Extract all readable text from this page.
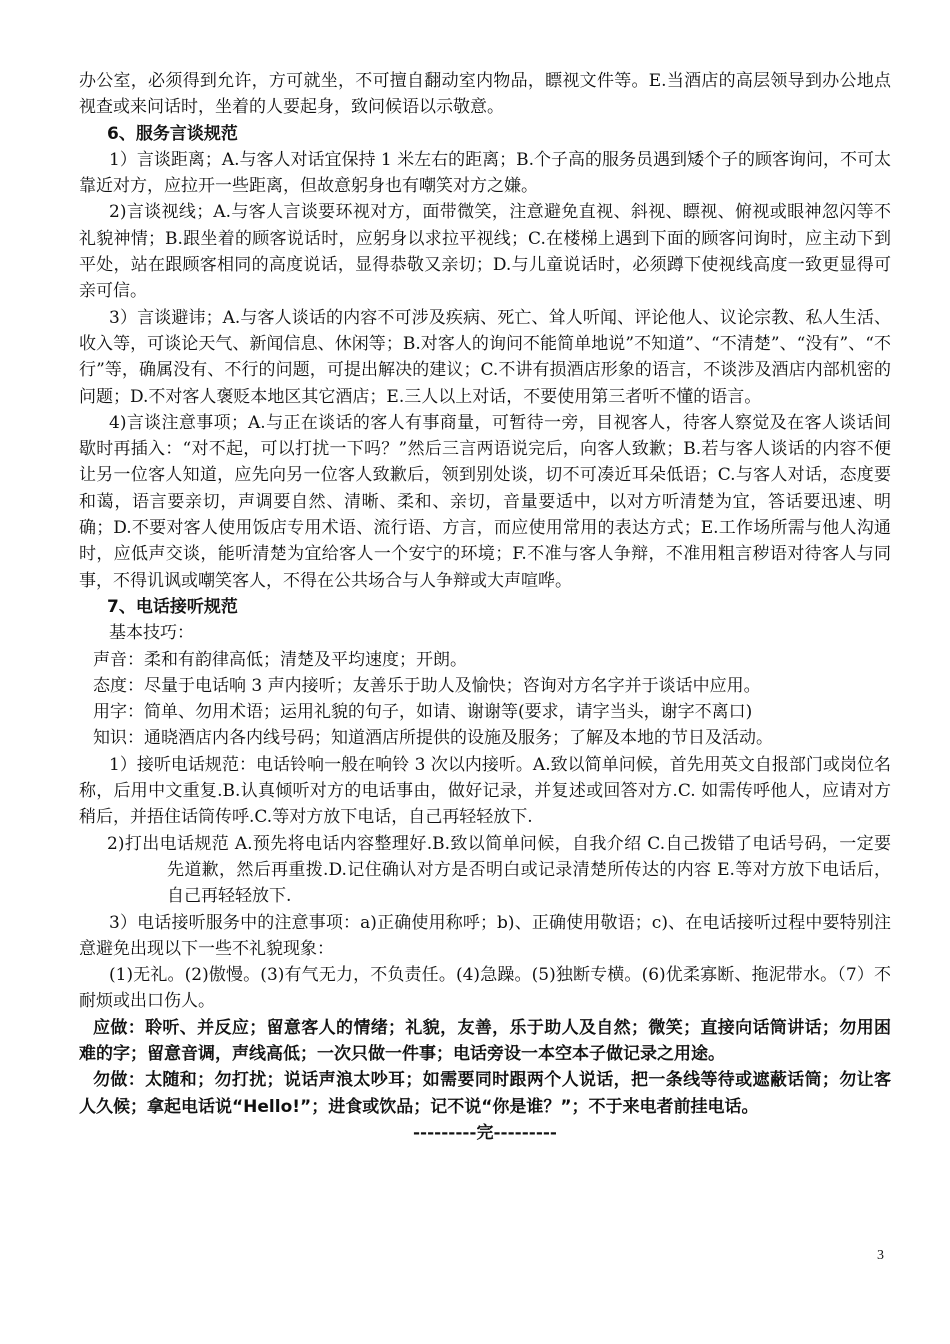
办公室，必须得到允许，方可就坐，不可擅自翻动室内物品，瞟视文件等。E.当酒店的高层领导到办公地点视查或来问话时，坐着的人要起身，致问候语以示敬意。

6、服务言谈规范

1）言谈距离；A.与客人对话宜保持 1 米左右的距离；B.个子高的服务员遇到矮个子的顾客询问，不可太靠近对方，应拉开一些距离，但故意躬身也有嘲笑对方之嫌。

2)言谈视线；A.与客人言谈要环视对方，面带微笑，注意避免直视、斜视、瞟视、俯视或眼神忽闪等不礼貌神情；B.跟坐着的顾客说话时，应躬身以求拉平视线；C.在楼梯上遇到下面的顾客问询时，应主动下到平处，站在跟顾客相同的高度说话，显得恭敬又亲切；D.与儿童说话时，必须蹲下使视线高度一致更显得可亲可信。

3）言谈避讳；A.与客人谈话的内容不可涉及疾病、死亡、耸人听闻、评论他人、议论宗教、私人生活、收入等，可谈论天气、新闻信息、休闲等；B.对客人的询问不能简单地说”不知道”、“不清楚”、“没有”、“不行”等，确属没有、不行的问题，可提出解决的建议；C.不讲有损酒店形象的语言，不谈涉及酒店内部机密的问题；D.不对客人褒贬本地区其它酒店；E.三人以上对话，不要使用第三者听不懂的语言。

4)言谈注意事项；A.与正在谈话的客人有事商量，可暂待一旁，目视客人，待客人察觉及在客人谈话间歇时再插入：“对不起，可以打扰一下吗？”然后三言两语说完后，向客人致歉；B.若与客人谈话的内容不便让另一位客人知道，应先向另一位客人致歉后，领到别处谈，切不可凑近耳朵低语；C.与客人对话，态度要和蔼，语言要亲切，声调要自然、清晰、柔和、亲切，音量要适中，以对方听清楚为宜，答话要迅速、明确；D.不要对客人使用饭店专用术语、流行语、方言，而应使用常用的表达方式；E.工作场所需与他人沟通时，应低声交谈，能听清楚为宜给客人一个安宁的环境；F.不准与客人争辩，不准用粗言秽语对待客人与同事，不得讥讽或嘲笑客人，不得在公共场合与人争辩或大声喧哗。

7、电话接听规范

基本技巧：

声音：柔和有韵律高低；清楚及平均速度；开朗。

态度：尽量于电话响 3 声内接听；友善乐于助人及愉快；咨询对方名字并于谈话中应用。

用字：简单、勿用术语；运用礼貌的句子，如请、谢谢等(要求，请字当头，谢字不离口)

知识：通晓酒店内各内线号码；知道酒店所提供的设施及服务；了解及本地的节日及活动。

1）接听电话规范：电话铃响一般在响铃 3 次以内接听。A.致以简单问候，首先用英文自报部门或岗位名称，后用中文重复.B.认真倾听对方的电话事由，做好记录，并复述或回答对方.C. 如需传呼他人，应请对方稍后，并捂住话筒传呼.C.等对方放下电话，自己再轻轻放下.

2)打出电话规范 A.预先将电话内容整理好.B.致以简单问候，自我介绍 C.自己拨错了电话号码，一定要先道歉，然后再重拨.D.记住确认对方是否明白或记录清楚所传达的内容 E.等对方放下电话后，自己再轻轻放下.

3）电话接听服务中的注意事项：a)正确使用称呼；b)、正确使用敬语；c)、在电话接听过程中要特别注意避免出现以下一些不礼貌现象：

(1)无礼。(2)傲慢。(3)有气无力，不负责任。(4)急躁。(5)独断专横。(6)优柔寡断、拖泥带水。（7）不耐烦或出口伤人。

应做：聆听、并反应；留意客人的情绪；礼貌，友善，乐于助人及自然；微笑；直接向话筒讲话；勿用困难的字；留意音调，声线高低；一次只做一件事；电话旁设一本空本子做记录之用途。

勿做：太随和；勿打扰；说话声浪太吵耳；如需要同时跟两个人说话，把一条线等待或遮蔽话筒；勿让客人久候；拿起电话说“Hello!”；进食或饮品；记不说“你是谁？”；不于来电者前挂电话。

---------完---------

3
